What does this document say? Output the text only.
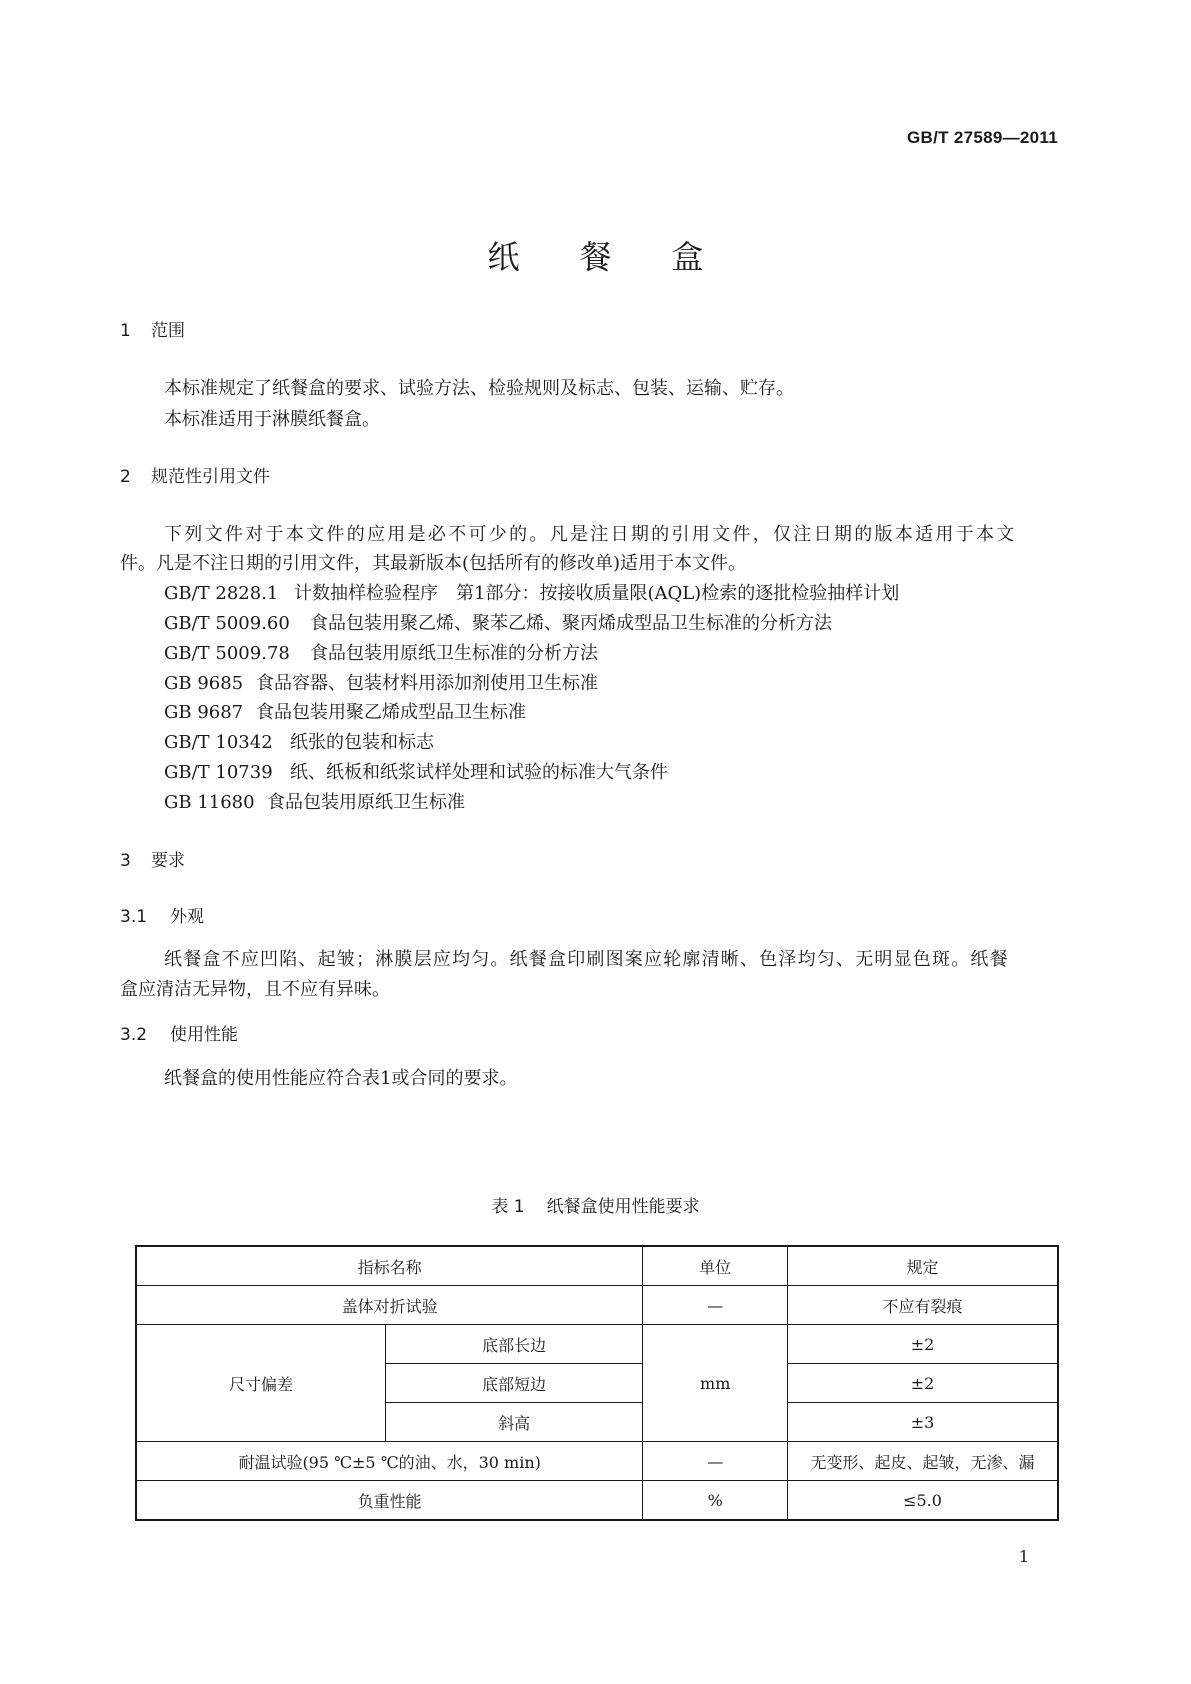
GB/T 27589—2011
纸餐盒
1 范围
本标准规定了纸餐盒的要求、试验方法、检验规则及标志、包装、运输、贮存。
本标准适用于淋膜纸餐盒。
2 规范性引用文件
下列文件对于本文件的应用是必不可少的。凡是注日期的引用文件，仅注日期的版本适用于本文
件。凡是不注日期的引用文件，其最新版本(包括所有的修改单)适用于本文件。
GB/T 2828.1 计数抽样检验程序　第1部分：按接收质量限(AQL)检索的逐批检验抽样计划
GB/T 5009.60 食品包装用聚乙烯、聚苯乙烯、聚丙烯成型品卫生标准的分析方法
GB/T 5009.78 食品包装用原纸卫生标准的分析方法
GB 9685 食品容器、包装材料用添加剂使用卫生标准
GB 9687 食品包装用聚乙烯成型品卫生标准
GB/T 10342 纸张的包装和标志
GB/T 10739 纸、纸板和纸浆试样处理和试验的标准大气条件
GB 11680 食品包装用原纸卫生标准
3 要求
3.1 外观
纸餐盒不应凹陷、起皱；淋膜层应均匀。纸餐盒印刷图案应轮廓清晰、色泽均匀、无明显色斑。纸餐
盒应清洁无异物，且不应有异味。
3.2 使用性能
纸餐盒的使用性能应符合表1或合同的要求。
表 1 纸餐盒使用性能要求
指标名称		单位	规定
盖体对折试验		—	不应有裂痕
尺寸偏差	底部长边	mm	±2
	底部短边		±2
	斜高		±3
耐温试验(95 ℃±5 ℃的油、水，30 min)		—	无变形、起皮、起皱，无渗、漏
负重性能		%	≤5.0
1
